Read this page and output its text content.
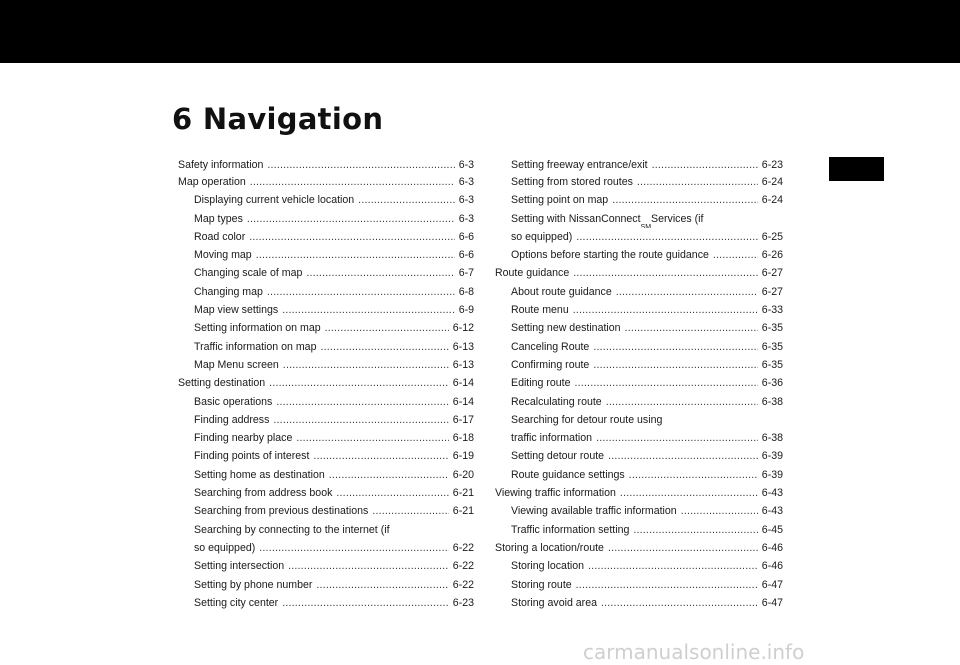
6 Navigation
Safety information .....	6-3
Map operation .....	6-3
Displaying current vehicle location .....	6-3
Map types .....	6-3
Road color .....	6-6
Moving map .....	6-6
Changing scale of map .....	6-7
Changing map .....	6-8
Map view settings .....	6-9
Setting information on map .....	6-12
Traffic information on map .....	6-13
Map Menu screen .....	6-13
Setting destination .....	6-14
Basic operations .....	6-14
Finding address .....	6-17
Finding nearby place .....	6-18
Finding points of interest .....	6-19
Setting home as destination .....	6-20
Searching from address book .....	6-21
Searching from previous destinations .....	6-21
Searching by connecting to the internet (if
so equipped) .....	6-22
Setting intersection .....	6-22
Setting by phone number .....	6-22
Setting city center .....	6-23
Setting freeway entrance/exit .....	6-23
Setting from stored routes .....	6-24
Setting point on map .....	6-24
Setting with NissanConnect
SM
Services (if
so equipped) .....	6-25
Options before starting the route guidance .....	6-26
Route guidance .....	6-27
About route guidance .....	6-27
Route menu .....	6-33
Setting new destination .....	6-35
Canceling Route .....	6-35
Confirming route .....	6-35
Editing route .....	6-36
Recalculating route .....	6-38
Searching for detour route using
traffic information .....	6-38
Setting detour route .....	6-39
Route guidance settings .....	6-39
Viewing traffic information .....	6-43
Viewing available traffic information .....	6-43
Traffic information setting .....	6-45
Storing a location/route .....	6-46
Storing location .....	6-46
Storing route .....	6-47
Storing avoid area .....	6-47
carmanualsonline.info
